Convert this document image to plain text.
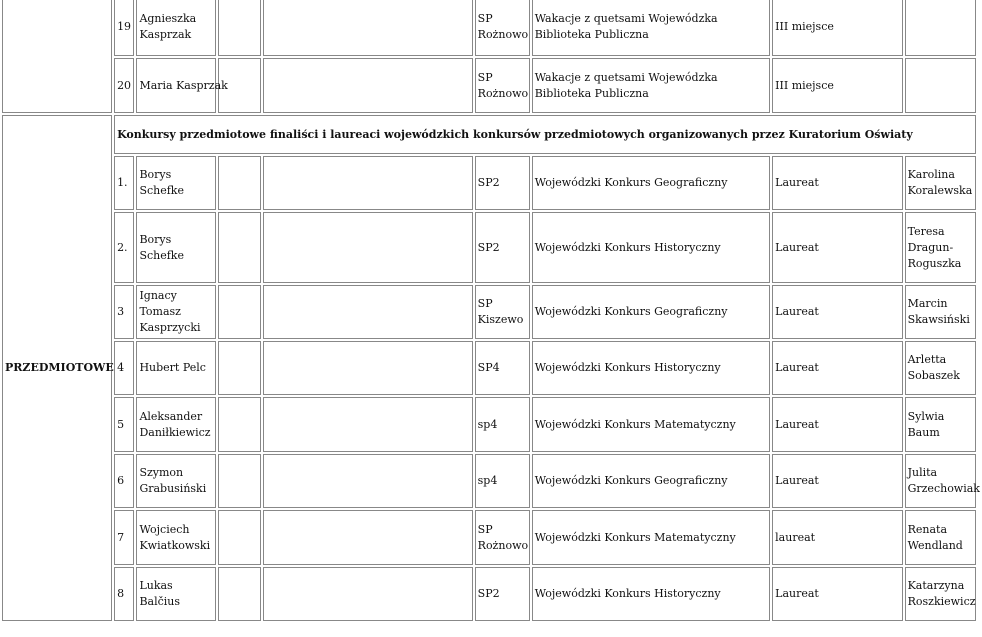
	19	Agnieszka Kasprzak			SP Rożnowo	Wakacje z quetsami Wojewódzka Biblioteka Publiczna	III miejsce	
	20	Maria Kasprzak			SP Rożnowo	Wakacje z quetsami Wojewódzka Biblioteka Publiczna	III miejsce	
PRZEDMIOTOWE	Konkursy przedmiotowe finaliści i laureaci wojewódzkich konkursów przedmiotowych organizowanych przez Kuratorium Oświaty							
	1.	Borys Schefke			SP2	Wojewódzki Konkurs Geograficzny	Laureat	Karolina Koralewska
	2.	Borys Schefke			SP2	Wojewódzki Konkurs Historyczny	Laureat	Teresa Dragun-Roguszka
	3	Ignacy Tomasz Kasprzycki			SP Kiszewo	Wojewódzki Konkurs Geograficzny	Laureat	Marcin Skawsiński
	4	Hubert Pelc			SP4	Wojewódzki Konkurs Historyczny	Laureat	Arletta Sobaszek
	5	Aleksander Daniłkiewicz			sp4	Wojewódzki Konkurs Matematyczny	Laureat	Sylwia Baum
	6	Szymon Grabusiński			sp4	Wojewódzki Konkurs Geograficzny	Laureat	Julita Grzechowiak
	7	Wojciech Kwiatkowski			SP Rożnowo	Wojewódzki Konkurs Matematyczny	laureat	Renata Wendland
	8	Lukas Balčius			SP2	Wojewódzki Konkurs Historyczny	Laureat	Katarzyna Roszkiewicz
